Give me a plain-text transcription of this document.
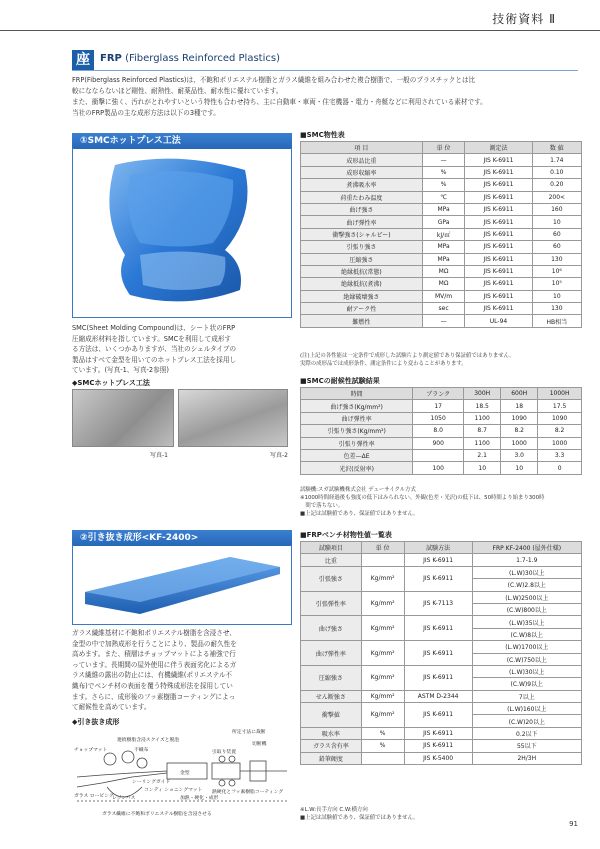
技術資料 Ⅱ
座	FRP (Fiberglass Reinforced Plastics)
FRP(Fiberglass Reinforced Plastics)は、不飽和ポリエステル樹脂とガラス繊維を組み合わせた複合樹脂で、一般のプラスチックとは比
較になならないほど剛性、耐熱性、耐薬品性、耐水性に優れています。
また、衝撃に強く、汚れがとれやすいという特性も合わせ持ち、主に自動車・車両・住宅機器・電力・舟艇などに利用されている素材です。
当社のFRP製品の主な成形方法は以下の3種です。
①SMCホットプレス工法
SMC(Sheet Molding Compound)は、シート状のFRP
圧縮成形材料を指しています。SMCを利用して成形す
る方法は、いくつかありますが、当社のシェルタイプの
製品はすべて金型を用いてのホットプレス工法を採用し
ています。(写真-1、写真-2参照)
◆SMCホットプレス工法
写真-1	写真-2
②引き抜き成形<KF-2400>
ガラス繊維基材に不飽和ポリエステル樹脂を含浸させ、
金型の中で加熱成形を行うことにより、製品の耐久性を
高めます。また、積層はチョップマットによる補強で行
っています。長期間の屋外使用に伴う表面劣化によるガ
ラス繊維の露出の防止には、有機繊維(ポリエステル不
織布)でベンチ材の表面を覆う特殊成形法を採用してい
ます。さらに、成形後のフッ素樹脂コーティングによっ
て耐候性を高めています。
◆引き抜き成形
所定寸法に裁断
連続樹脂含浸スクイズと脱泡
チョップマット	不織布
切断機
引取り装置
金型
シーリングガイド
コンディ ショニングマット 熱硬化とフッ素樹脂コーティング
ガラス ロービング
レジンバス	加熱・硬化・成形
ガラス繊維に不飽和ポリエステル樹脂を含浸させる
■SMC物性表
項 目	単 位	測定法	数 値
成形品比重	—	JIS K-6911	1.74
成形収縮率	%	JIS K-6911	0.10
煮沸吸水率	%	JIS K-6911	0.20
荷重たわみ温度	℃	JIS K-6911	200<
曲げ強さ	MPa	JIS K-6911	160
曲げ弾性率	GPa	JIS K-6911	10
衝撃強さ(シャルピー)	kJ/㎡	JIS K-6911	60
引張り強さ	MPa	JIS K-6911	60
圧縮強さ	MPa	JIS K-6911	130
絶縁抵抗(常態)	MΩ	JIS K-6911	10⁶
絶縁抵抗(煮沸)	MΩ	JIS K-6911	10⁵
絶縁破壊強さ	MV/m	JIS K-6911	10
耐アーク性	sec	JIS K-6911	130
難燃性	—	UL-94	HB相当
(注)上記の各性能は一定条件で成形した試験片より測定値であり保証値ではありません。
実際の成形品では成形条件、測定条件により変わることがあります。
■SMCの耐候性試験結果
時間	ブランク	300H	600H	1000H
曲げ強さ(Kg/mm²)	17	18.5	18	17.5
曲げ弾性率	1050	1100	1090	1090
引張り強さ(Kg/mm²)	8.0	8.7	8.2	8.2
引張り弾性率	900	1100	1000	1000
色差—ΔE		2.1	3.0	3.3
光沢(反射率)	100	10	10	0
試験機:スガ試験機株式会社 デューサイクル方式
※1000時間経過後も強度の低下はみられない。外観(色差・光沢)の低下は、50時間より始まり300時
　間で落ちない。
■上記は試験値であり、保証値ではありません。
■FRPベンチ材物性値一覧表
試験項目	単 位	試験方法	FRP KF-2400 (屋外仕様)
比重		JIS K-6911	1.7-1.9
引張強さ	Kg/mm²	JIS K-6911	(L.W)30以上
			(C.W)2.8以上
引張弾性率	Kg/mm²	JIS K-7113	(L.W)2500以上
			(C.W)800以上
曲げ強さ	Kg/mm²	JIS K-6911	(L.W)35以上
			(C.W)8以上
曲げ弾性率	Kg/mm²	JIS K-6911	(L.W)1700以上
			(C.W)750以上
圧縮強さ	Kg/mm²	JIS K-6911	(L.W)30以上
			(C.W)9以上
せん断強さ	Kg/mm²	ASTM D-2344	7以上
衝撃値	Kg/mm²	JIS K-6911	(L.W)160以上
			(C.W)20以上
吸水率	%	JIS K-6911	0.2以下
ガラス含有率	%	JIS K-6911	55以下
鉛筆硬度		JIS K-5400	2H/3H
※L.W:長手方向 C.W:横方向
■上記は試験値であり、保証値ではありません。
91
